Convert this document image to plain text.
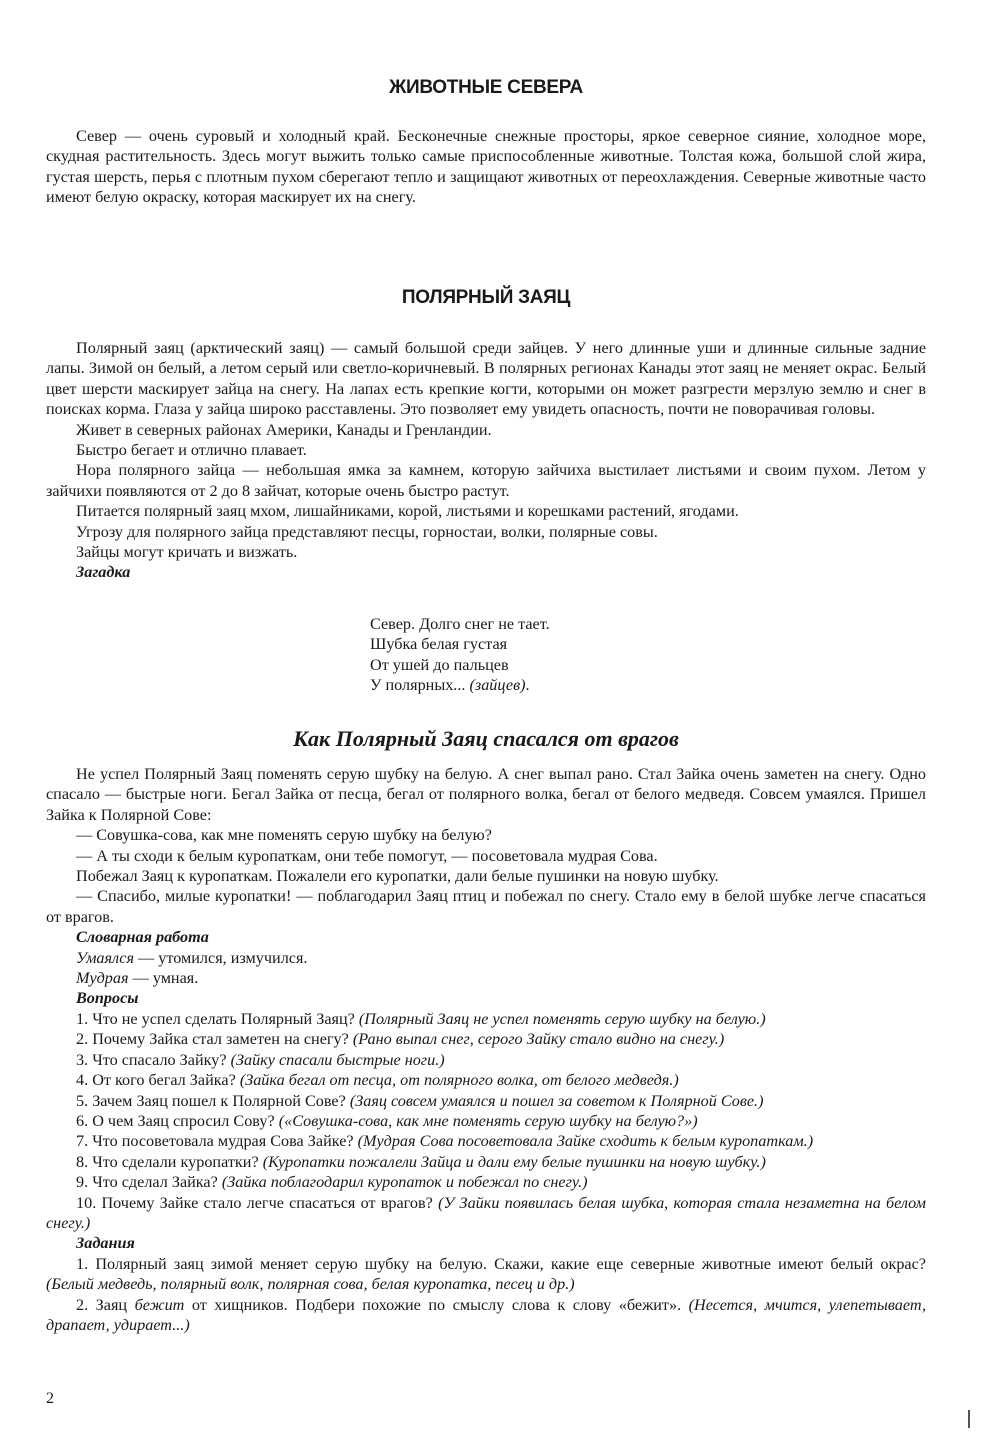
ЖИВОТНЫЕ СЕВЕРА

Север — очень суровый и холодный край. Бесконечные снежные просторы, яркое северное сияние, холодное море, скудная растительность. Здесь могут выжить только самые приспособленные животные. Толстая кожа, большой слой жира, густая шерсть, перья с плотным пухом сберегают тепло и защищают животных от переохлаждения. Северные животные часто имеют белую окраску, которая маскирует их на снегу.

ПОЛЯРНЫЙ ЗАЯЦ

Полярный заяц (арктический заяц) — самый большой среди зайцев. У него длинные уши и длинные сильные задние лапы. Зимой он белый, а летом серый или светло-коричневый. В полярных регионах Канады этот заяц не меняет окрас. Белый цвет шерсти маскирует зайца на снегу. На лапах есть крепкие когти, которыми он может разгрести мерзлую землю и снег в поисках корма. Глаза у зайца широко расставлены. Это позволяет ему увидеть опасность, почти не поворачивая головы.

Живет в северных районах Америки, Канады и Гренландии.

Быстро бегает и отлично плавает.

Нора полярного зайца — небольшая ямка за камнем, которую зайчиха выстилает листьями и своим пухом. Летом у зайчихи появляются от 2 до 8 зайчат, которые очень быстро растут.

Питается полярный заяц мхом, лишайниками, корой, листьями и корешками растений, ягодами.

Угрозу для полярного зайца представляют песцы, горностаи, волки, полярные совы.

Зайцы могут кричать и визжать.

Загадка
Север. Долго снег не тает.
Шубка белая густая
От ушей до пальцев
У полярных... (зайцев).
Как Полярный Заяц спасался от врагов

Не успел Полярный Заяц поменять серую шубку на белую. А снег выпал рано. Стал Зайка очень заметен на снегу. Одно спасало — быстрые ноги. Бегал Зайка от песца, бегал от полярного волка, бегал от белого медведя. Совсем умаялся. Пришел Зайка к Полярной Сове:

— Совушка-сова, как мне поменять серую шубку на белую?

— А ты сходи к белым куропаткам, они тебе помогут, — посоветовала мудрая Сова.

Побежал Заяц к куропаткам. Пожалели его куропатки, дали белые пушинки на новую шубку.

— Спасибо, милые куропатки! — поблагодарил Заяц птиц и побежал по снегу. Стало ему в белой шубке легче спасаться от врагов.

Словарная работа

Умаялся — утомился, измучился.

Мудрая — умная.

Вопросы

1. Что не успел сделать Полярный Заяц? (Полярный Заяц не успел поменять серую шубку на белую.)

2. Почему Зайка стал заметен на снегу? (Рано выпал снег, серого Зайку стало видно на снегу.)

3. Что спасало Зайку? (Зайку спасали быстрые ноги.)

4. От кого бегал Зайка? (Зайка бегал от песца, от полярного волка, от белого медведя.)

5. Зачем Заяц пошел к Полярной Сове? (Заяц совсем умаялся и пошел за советом к Полярной Сове.)

6. О чем Заяц спросил Сову? («Совушка-сова, как мне поменять серую шубку на белую?»)

7. Что посоветовала мудрая Сова Зайке? (Мудрая Сова посоветовала Зайке сходить к белым куропаткам.)

8. Что сделали куропатки? (Куропатки пожалели Зайца и дали ему белые пушинки на новую шубку.)

9. Что сделал Зайка? (Зайка поблагодарил куропаток и побежал по снегу.)

10. Почему Зайке стало легче спасаться от врагов? (У Зайки появилась белая шубка, которая стала незаметна на белом снегу.)

Задания

1. Полярный заяц зимой меняет серую шубку на белую. Скажи, какие еще северные животные имеют белый окрас? (Белый медведь, полярный волк, полярная сова, белая куропатка, песец и др.)

2. Заяц бежит от хищников. Подбери похожие по смыслу слова к слову «бежит». (Несется, мчится, улепетывает, драпает, удирает...)

2
